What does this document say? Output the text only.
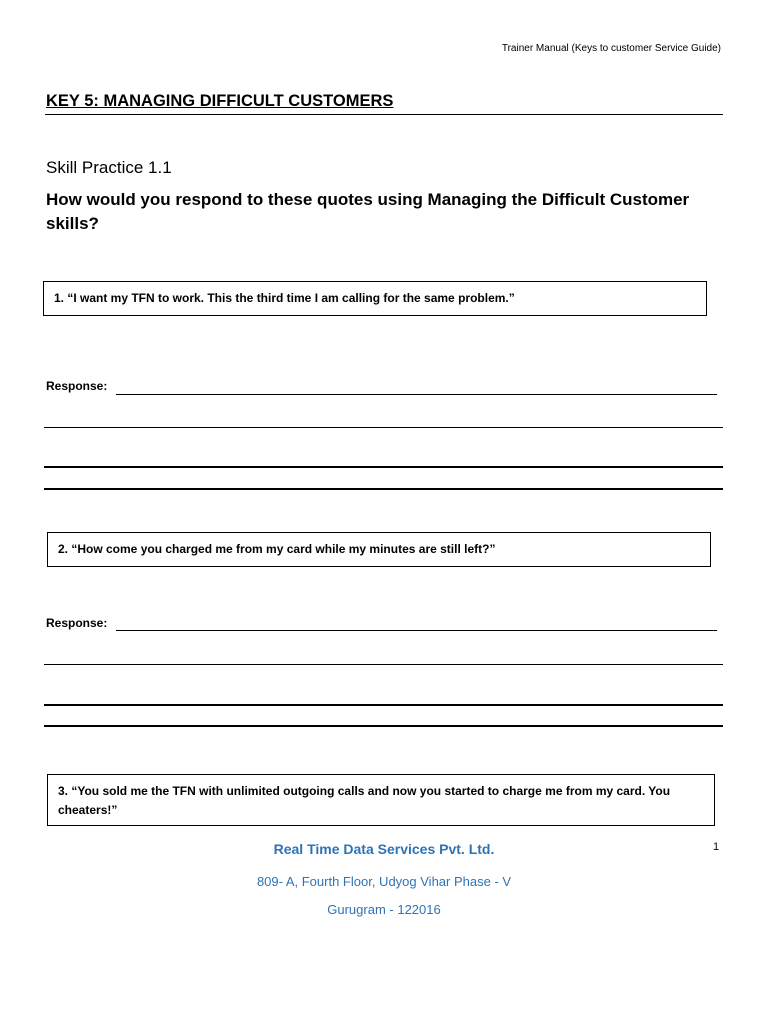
Trainer Manual (Keys to customer Service Guide)
KEY 5: MANAGING DIFFICULT CUSTOMERS
Skill Practice 1.1
How would you respond to these quotes using Managing the Difficult Customer skills?
1. “I want my TFN to work. This the third time I am calling for the same problem.”
Response:
2. “How come you charged me from my card while my minutes are still left?”
Response:
3. “You sold me the TFN with unlimited outgoing calls and now you started to charge me from my card. You cheaters!”
Real Time Data Services Pvt. Ltd.
809- A, Fourth Floor, Udyog Vihar Phase - V
Gurugram - 122016
1
